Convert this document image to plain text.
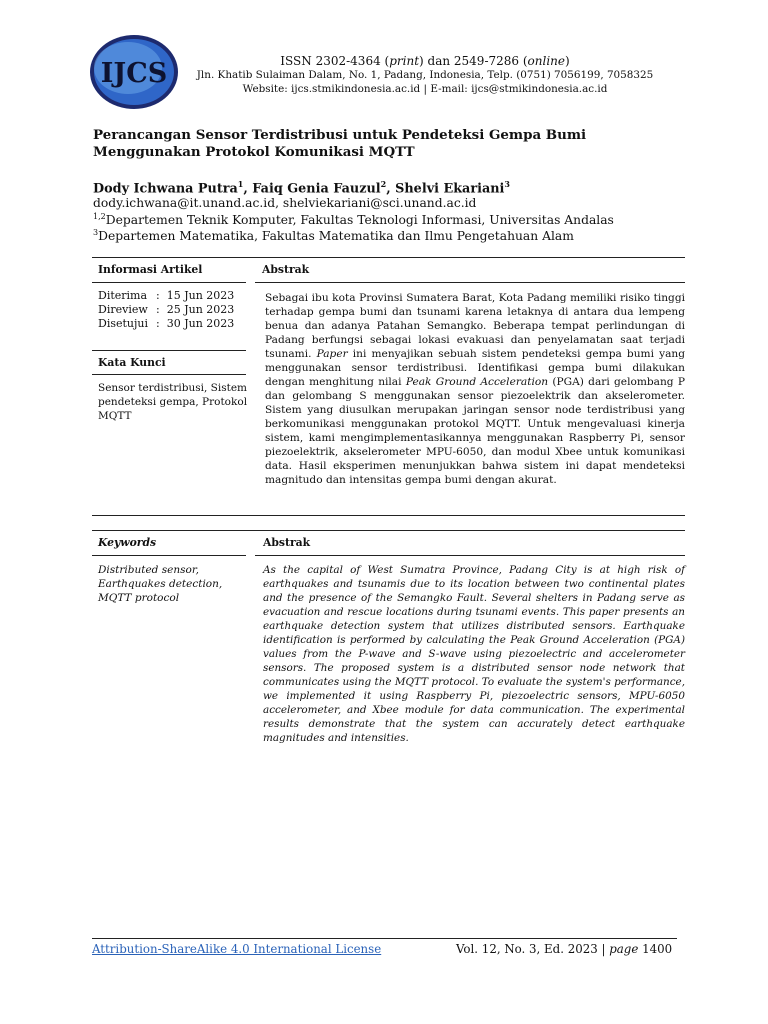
IJCS	ISSN 2302-4364 (print) dan 2549-7286 (online)
Jln. Khatib Sulaiman Dalam, No. 1, Padang, Indonesia, Telp. (0751) 7056199, 7058325
Website: ijcs.stmikindonesia.ac.id | E-mail: ijcs@stmikindonesia.ac.id
Perancangan Sensor Terdistribusi untuk Pendeteksi Gempa Bumi Menggunakan Protokol Komunikasi MQTT
Dody Ichwana Putra$^1$, Faiq Genia Fauzul$^2$, Shelvi Ekariani$^3$
dody.ichwana@it.unand.ac.id, shelviekariani@sci.unand.ac.id
$^{1,2}$Departemen Teknik Komputer, Fakultas Teknologi Informasi, Universitas Andalas
$^3$Departemen Matematika, Fakultas Matematika dan Ilmu Pengetahuan Alam
Informasi Artikel	Abstrak
Diterima : 15 Jun 2023
Direview : 25 Jun 2023
Disetujui : 30 Jun 2023
Kata Kunci
Sensor terdistribusi, Sistem pendeteksi gempa, Protokol MQTT
Sebagai ibu kota Provinsi Sumatera Barat, Kota Padang memiliki risiko tinggi terhadap gempa bumi dan tsunami karena letaknya di antara dua lempeng benua dan adanya Patahan Semangko. Beberapa tempat perlindungan di Padang berfungsi sebagai lokasi evakuasi dan penyelamatan saat terjadi tsunami. Paper ini menyajikan sebuah sistem pendeteksi gempa bumi yang menggunakan sensor terdistribusi. Identifikasi gempa bumi dilakukan dengan menghitung nilai Peak Ground Acceleration (PGA) dari gelombang P dan gelombang S menggunakan sensor piezoelektrik dan akselerometer. Sistem yang diusulkan merupakan jaringan sensor node terdistribusi yang berkomunikasi menggunakan protokol MQTT. Untuk mengevaluasi kinerja sistem, kami mengimplementasikannya menggunakan Raspberry Pi, sensor piezoelektrik, akselerometer MPU-6050, dan modul Xbee untuk komunikasi data. Hasil eksperimen menunjukkan bahwa sistem ini dapat mendeteksi magnitudo dan intensitas gempa bumi dengan akurat.
Keywords	Abstrak
Distributed sensor, Earthquakes detection, MQTT protocol
As the capital of West Sumatra Province, Padang City is at high risk of earthquakes and tsunamis due to its location between two continental plates and the presence of the Semangko Fault. Several shelters in Padang serve as evacuation and rescue locations during tsunami events. This paper presents an earthquake detection system that utilizes distributed sensors. Earthquake identification is performed by calculating the Peak Ground Acceleration (PGA) values from the P-wave and S-wave using piezoelectric and accelerometer sensors. The proposed system is a distributed sensor node network that communicates using the MQTT protocol. To evaluate the system's performance, we implemented it using Raspberry Pi, piezoelectric sensors, MPU-6050 accelerometer, and Xbee module for data communication. The experimental results demonstrate that the system can accurately detect earthquake magnitudes and intensities.
Attribution-ShareAlike 4.0 International License	Vol. 12, No. 3, Ed. 2023 | page 1400
